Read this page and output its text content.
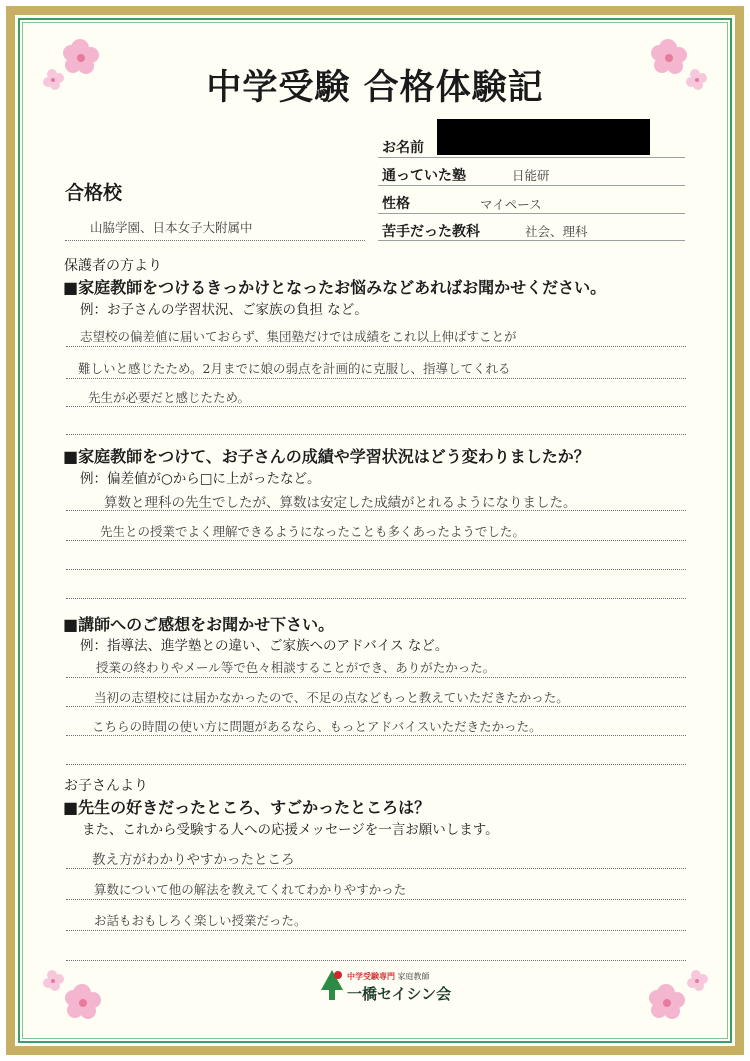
中学受験 合格体験記
お名前
通っていた塾	日能研
性格	マイペース
苦手だった教科	社会、理科
合格校
山脇学園、日本女子大附属中
保護者の方より
■家庭教師をつけるきっかけとなったお悩みなどあればお聞かせください。
例：お子さんの学習状況、ご家族の負担 など。
志望校の偏差値に届いておらず、集団塾だけでは成績をこれ以上伸ばすことが
難しいと感じたため。2月までに娘の弱点を計画的に克服し、指導してくれる
先生が必要だと感じたため。
■家庭教師をつけて、お子さんの成績や学習状況はどう変わりましたか？
例：偏差値が○から□に上がったなど。
算数と理科の先生でしたが、算数は安定した成績がとれるようになりました。
先生との授業でよく理解できるようになったことも多くあったようでした。
■講師へのご感想をお聞かせ下さい。
例：指導法、進学塾との違い、ご家族へのアドバイス など。
授業の終わりやメール等で色々相談することができ、ありがたかった。
当初の志望校には届かなかったので、不足の点などもっと教えていただきたかった。
こちらの時間の使い方に問題があるなら、もっとアドバイスいただきたかった。
お子さんより
■先生の好きだったところ、すごかったところは？
また、これから受験する人への応援メッセージを一言お願いします。
教え方がわかりやすかったところ
算数について他の解法を教えてくれてわかりやすかった
お話もおもしろく楽しい授業だった。
中学受験専門 家庭教師
一橋セイシン会
